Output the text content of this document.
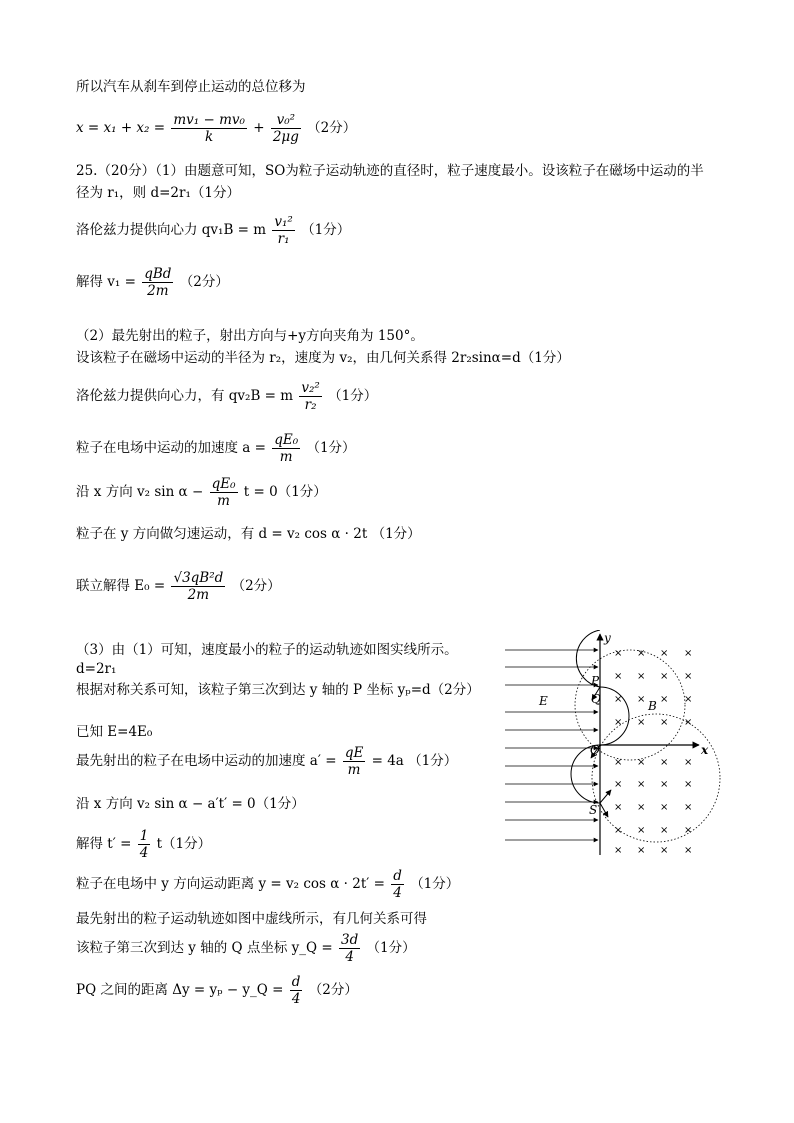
所以汽车从刹车到停止运动的总位移为
$x = x_1 + x_2 = \frac{\text{mv₁ − mv₀}}{k} + \frac{\text{v₀²}}{2\mu g} (2$分）
25.（20分）（1）由题意可知，SO为粒子运动轨迹的直径时，粒子速度最小。设该粒子在磁场中运动的半
径为 r₁，则 d=2r₁（1分）
洛伦兹力提供向心力 qv₁B = m $\frac{\text{v₁²}}{\text{r₁}} (1$分）
解得 $v_1 = \frac{\text{qBd}}{2m} (2$分）
（2）最先射出的粒子，射出方向与+y方向夹角为 150°。
设该粒子在磁场中运动的半径为 r₂，速度为 v₂，由几何关系得 2r₂sinα=d（1分）
洛伦兹力提供向心力，有 qv₂B = m $\frac{\text{v₂²}}{\text{r₂}} (1$分）
粒子在电场中运动的加速度 $a = \frac{\text{qE₀}}{m} (1$分）
沿 x 方向 v₂ $\sin \alpha - \frac{\text{qE₀}}{m}$ t = 0（1分）
粒子在 y 方向做匀速运动，有 d = v₂ cos α · 2t （1分）
联立解得 $E_0 = \frac{\text{√3qB²d}}{2m} (2$分）
（3）由（1）可知，速度最小的粒子的运动轨迹如图实线所示。
d=2r₁
根据对称关系可知，该粒子第三次到达 y 轴的 P 坐标 yₚ=d（2分）
已知 E=4E₀
最先射出的粒子在电场中运动的加速度 $a' = \frac{qE}{m} = 4a$ （1分）
沿 x 方向 v₂ sin α − a′t′ = 0（1分）
解得 $t' = \frac{1}{4} t(1$分）
粒子在电场中 y 方向运动距离 y = v₂ $\cos \alpha \cdot 2t' = \frac{d}{4} (1$分）
最先射出的粒子运动轨迹如图中虚线所示，有几何关系可得
该粒子第三次到达 y 轴的 Q 点坐标 y_Q = $\frac{3d}{4} (1$分）
PQ 之间的距离 Δy = yₚ − y_Q = $\frac{d}{4} (2$分）
× × × ×
× × × ×
× × × ×
× × × ×
× × × ×
× × × ×
× × × ×
× × × ×
× × × ×
y
x
P
Q
O
S
E	B
